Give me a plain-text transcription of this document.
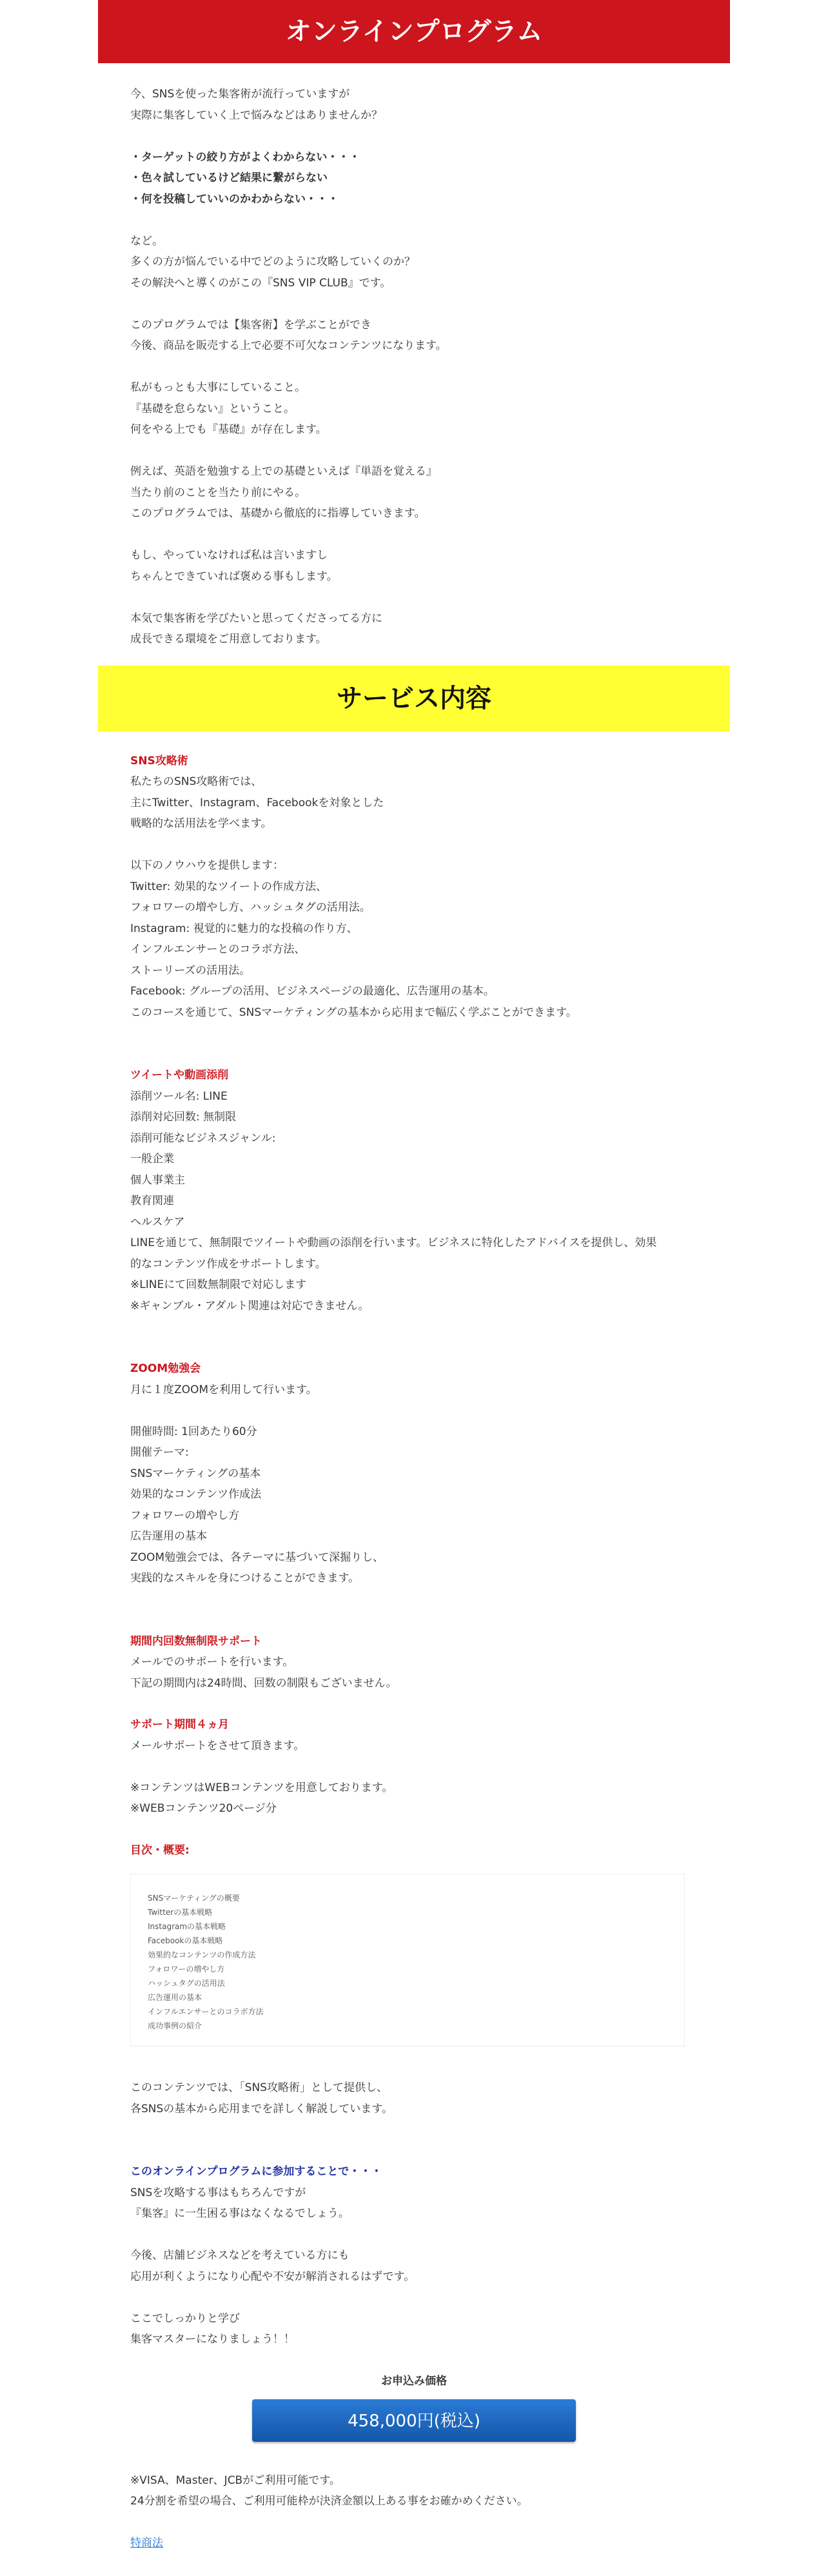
オンラインプログラム

今、SNSを使った集客術が流行っていますが

実際に集客していく上で悩みなどはありませんか？

・ターゲットの絞り方がよくわからない・・・

・色々試しているけど結果に繋がらない

・何を投稿していいのかわからない・・・

など。

多くの方が悩んでいる中でどのように攻略していくのか？

その解決へと導くのがこの『SNS VIP CLUB』です。

このプログラムでは【集客術】を学ぶことができ

今後、商品を販売する上で必要不可欠なコンテンツになります。

私がもっとも大事にしていること。

『基礎を怠らない』ということ。

何をやる上でも『基礎』が存在します。

例えば、英語を勉強する上での基礎といえば『単語を覚える』

当たり前のことを当たり前にやる。

このプログラムでは、基礎から徹底的に指導していきます。

もし、やっていなければ私は言いますし

ちゃんとできていれば褒める事もします。

本気で集客術を学びたいと思ってくださってる方に

成長できる環境をご用意しております。

サービス内容

SNS攻略術

私たちのSNS攻略術では、

主にTwitter、Instagram、Facebookを対象とした

戦略的な活用法を学べます。

以下のノウハウを提供します：

Twitter: 効果的なツイートの作成方法、

フォロワーの増やし方、ハッシュタグの活用法。

Instagram: 視覚的に魅力的な投稿の作り方、

インフルエンサーとのコラボ方法、

ストーリーズの活用法。

Facebook: グループの活用、ビジネスページの最適化、広告運用の基本。

このコースを通じて、SNSマーケティングの基本から応用まで幅広く学ぶことができます。

ツイートや動画添削

添削ツール名: LINE

添削対応回数: 無制限

添削可能なビジネスジャンル:

一般企業

個人事業主

教育関連

ヘルスケア

LINEを通じて、無制限でツイートや動画の添削を行います。ビジネスに特化したアドバイスを提供し、効果

的なコンテンツ作成をサポートします。

※LINEにて回数無制限で対応します

※ギャンブル・アダルト関連は対応できません。

ZOOM勉強会

月に１度ZOOMを利用して行います。

開催時間: 1回あたり60分

開催テーマ:

SNSマーケティングの基本

効果的なコンテンツ作成法

フォロワーの増やし方

広告運用の基本

ZOOM勉強会では、各テーマに基づいて深掘りし、

実践的なスキルを身につけることができます。

期間内回数無制限サポート

メールでのサポートを行います。

下記の期間内は24時間、回数の制限もございません。

サポート期間４ヵ月

メールサポートをさせて頂きます。

※コンテンツはWEBコンテンツを用意しております。

※WEBコンテンツ20ページ分

目次・概要:

SNSマーケティングの概要
Twitterの基本戦略
Instagramの基本戦略
Facebookの基本戦略
効果的なコンテンツの作成方法
フォロワーの増やし方
ハッシュタグの活用法
広告運用の基本
インフルエンサーとのコラボ方法
成功事例の紹介

このコンテンツでは、「SNS攻略術」として提供し、

各SNSの基本から応用までを詳しく解説しています。

このオンラインプログラムに参加することで・・・

SNSを攻略する事はもちろんですが

『集客』に一生困る事はなくなるでしょう。

今後、店舗ビジネスなどを考えている方にも

応用が利くようになり心配や不安が解消されるはずです。

ここでしっかりと学び

集客マスターになりましょう！！

お申込み価格

458,000円(税込)

※VISA、Master、JCBがご利用可能です。

24分割を希望の場合、ご利用可能枠が決済金額以上ある事をお確かめください。

特商法
